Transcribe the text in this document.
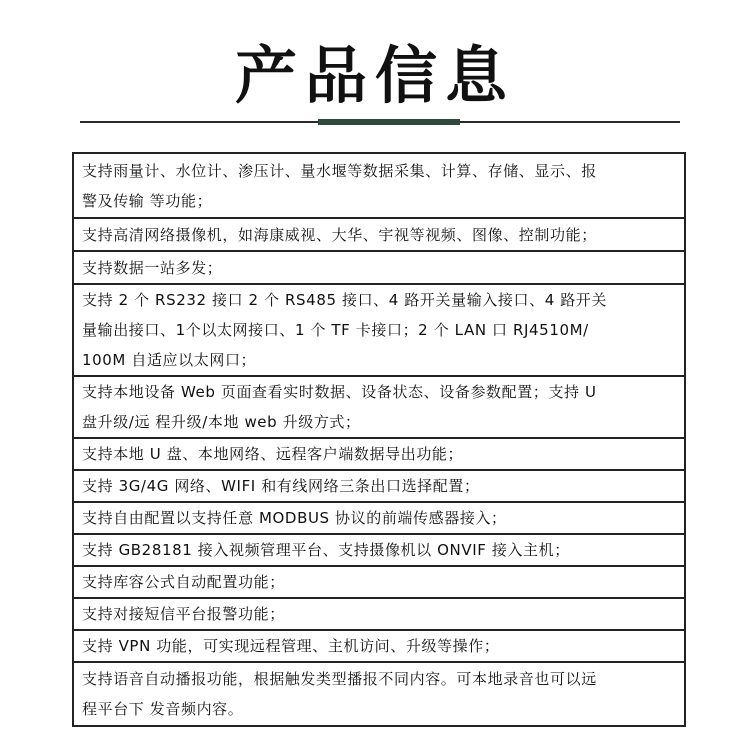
产品信息
支持雨量计、水位计、渗压计、量水堰等数据采集、计算、存储、显示、报
警及传输 等功能；
支持高清网络摄像机，如海康威视、大华、宇视等视频、图像、控制功能；
支持数据一站多发；
支持 2 个 RS232 接口 2 个 RS485 接口、4 路开关量输入接口、4 路开关
量输出接口、1个以太网接口、1 个 TF 卡接口；2 个 LAN 口 RJ4510M/
100M 自适应以太网口；
支持本地设备 Web 页面查看实时数据、设备状态、设备参数配置；支持 U
盘升级/远 程升级/本地 web 升级方式；
支持本地 U 盘、本地网络、远程客户端数据导出功能；
支持 3G/4G 网络、WIFI 和有线网络三条出口选择配置；
支持自由配置以支持任意 MODBUS 协议的前端传感器接入；
支持 GB28181 接入视频管理平台、支持摄像机以 ONVIF 接入主机；
支持库容公式自动配置功能；
支持对接短信平台报警功能；
支持 VPN 功能，可实现远程管理、主机访问、升级等操作；
支持语音自动播报功能，根据触发类型播报不同内容。可本地录音也可以远
程平台下 发音频内容。
